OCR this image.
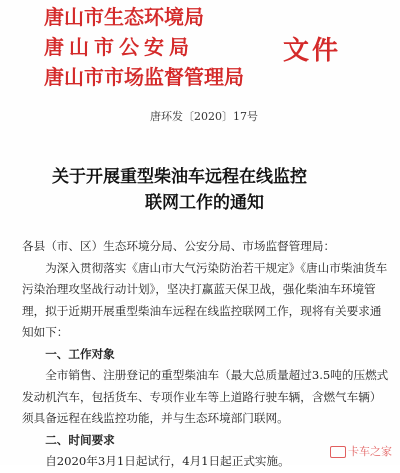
唐山市生态环境局
唐山市公安局
唐山市市场监督管理局
文件
唐环发〔2020〕17号
关于开展重型柴油车远程在线监控
联网工作的通知

各县（市、区）生态环境分局、公安分局、市场监督管理局：

为深入贯彻落实《唐山市大气污染防治若干规定》《唐山市柴油货车污染治理攻坚战行动计划》，坚决打赢蓝天保卫战，强化柴油车环境管理，拟于近期开展重型柴油车远程在线监控联网工作，现将有关要求通知如下：

一、工作对象

全市销售、注册登记的重型柴油车（最大总质量超过3.5吨的压燃式发动机汽车，包括货车、专项作业车等上道路行驶车辆，含燃气车辆）须具备远程在线监控功能，并与生态环境部门联网。

二、时间要求

自2020年3月1日起试行，4月1日起正式实施。

卡车之家
